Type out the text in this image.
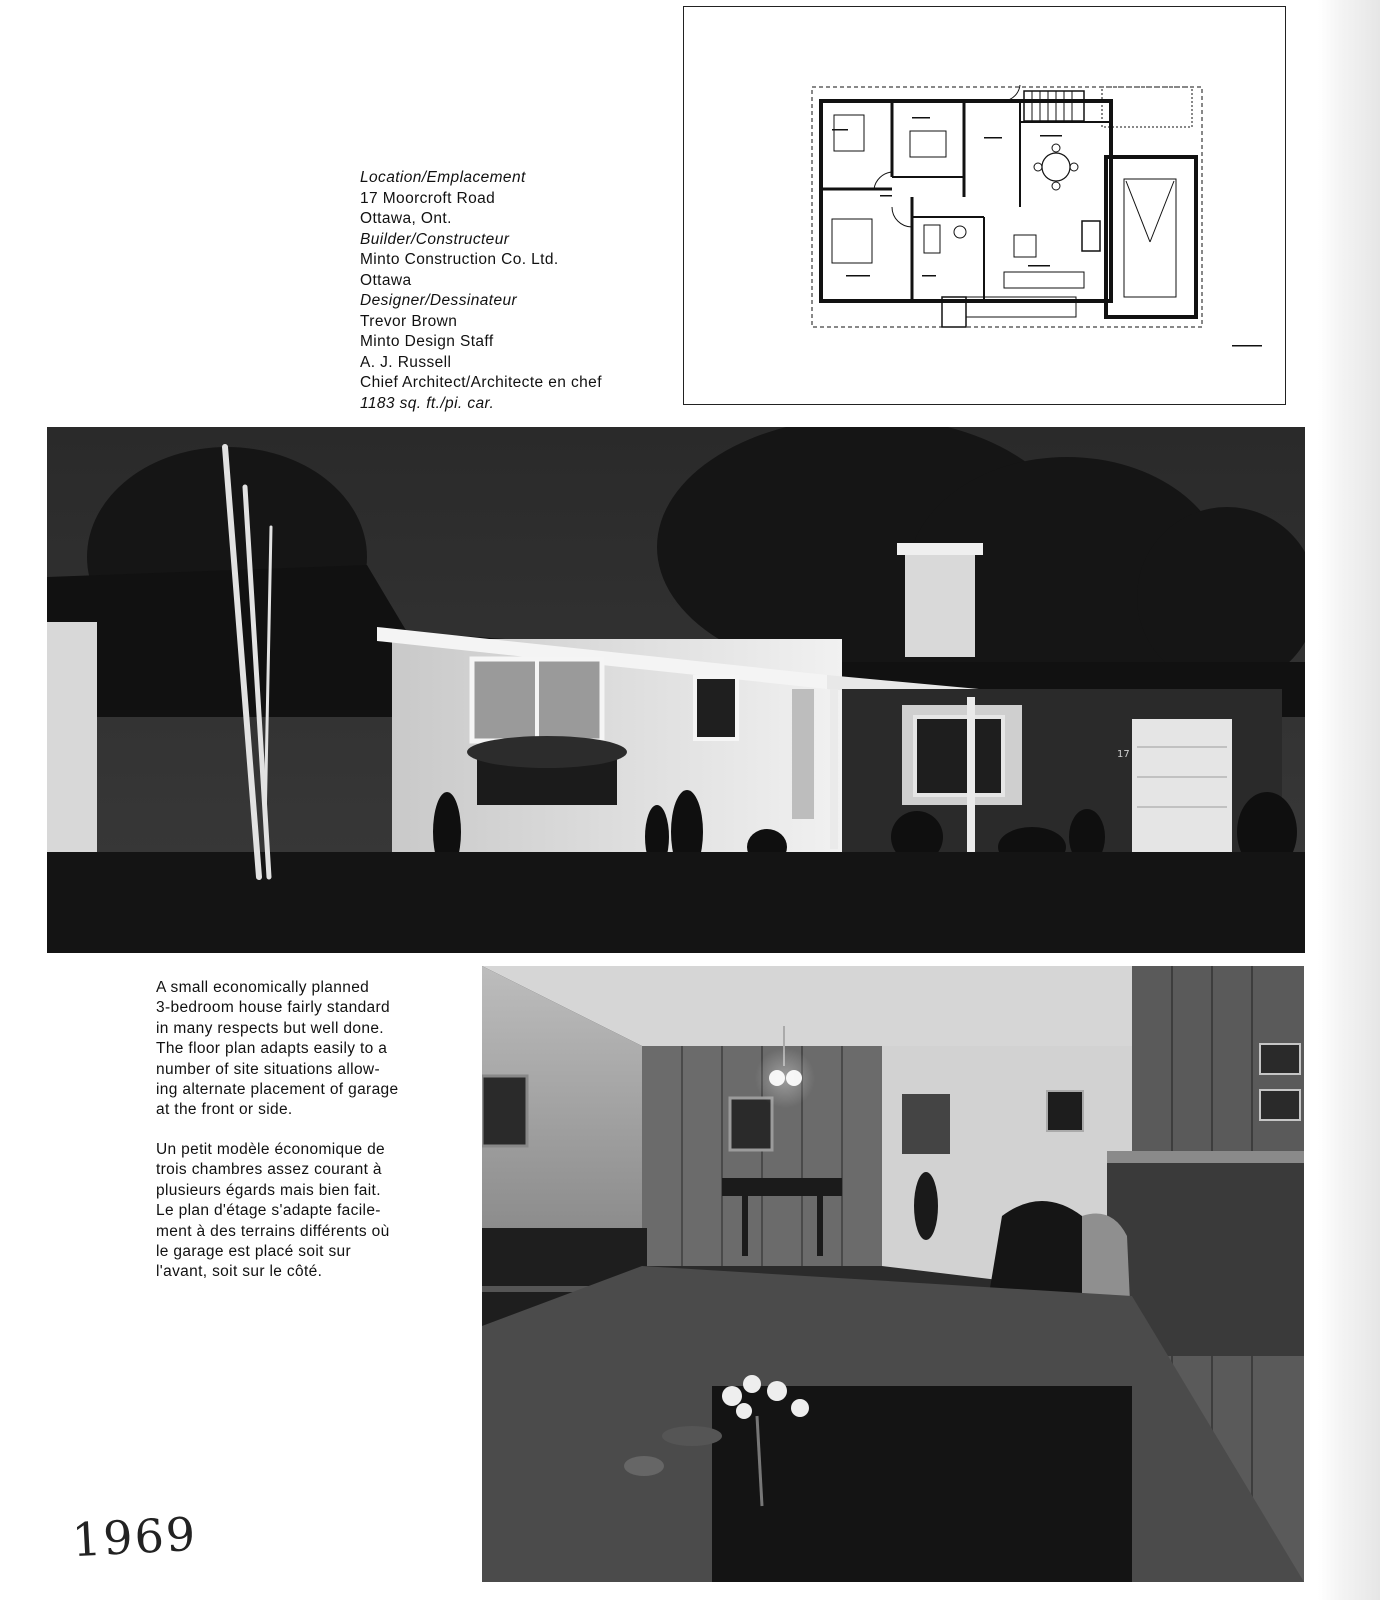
Location/Emplacement
17 Moorcroft Road
Ottawa, Ont.
Builder/Constructeur
Minto Construction Co. Ltd.
Ottawa
Designer/Dessinateur
Trevor Brown
Minto Design Staff
A. J. Russell
Chief Architect/Architecte en chef
1183 sq. ft./pi. car.
17
A small economically planned
3-bedroom house fairly standard
in many respects but well done.
The floor plan adapts easily to a
number of site situations allow-
ing alternate placement of garage
at the front or side.
Un petit modèle économique de
trois chambres assez courant à
plusieurs égards mais bien fait.
Le plan d'étage s'adapte facile-
ment à des terrains différents où
le garage est placé soit sur
l'avant, soit sur le côté.
1969
